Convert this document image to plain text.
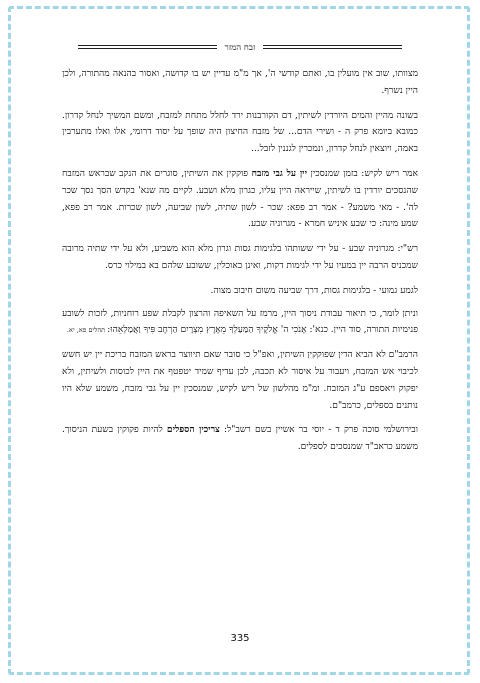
זבח המזר

מצוותו, שוב אין מועלין בו, ואתם קודשי ה', אך מ"מ עדיין יש בו קדושה, ואסור בהנאה מהתורה, ולכן היין נשרף.

בשונה מהיין והמים היורדין לשיתין, דם הקורבנות ירד לחלל מתחת למזבח, ומשם המשיך לנחל קדרון. כמובא ביומא פרק ה - ושירי הדם... של מזבח החיצון היה שופך על יסוד דרומי, אלו ואלו מתערבין באמה, ויוצאין לנחל קדרון, ונמכרין לגננין לזבל...

אמר ריש לקיש: בזמן שמנסכין יין על גבי מזבח פוקקין את השיתין, סוגרים את הנקב שבראש המזבח שהנסכים יורדין בו לשיתין, שייראה היין עליו, כגרון מלא ושבע. לקיים מה שנא' בקדש הסך נסך שכר לה'. - מאי משמע? - אמר רב פפא: שכר - לשון שתיה, לשון שביעה, לשון שכרות. אמר רב פפא, שמע מינה: כי שבע איניש חמרא - מגרוניה שבע.

רש"י: מגרוניה שבע - על ידי ששותהו בלגימות גסות וגרון מלא הוא משביע, ולא על ידי שתיה מרובה שמכניס הרבה יין במעיו על ידי לגימות דקות, ואינן כאוכלין, ששובע שלהם בא במילוי כרס.

לגמע גמועי - בלגימות גסות, דרך שביעה משום חיבוב מצוה.

וניתן לומר, כי תיאור עבודת ניסוך היין, מרמז על השאיפה והרצון לקבלת שפע רוחניות, לזכות לשובע פנימיות התורה, סוד היין. כנא': אָנֹכִי ה' אֱלֹקֶיךָ הַמַּעַלְךָ מֵאֶרֶץ מִצְרָיִם הַרְחֶב פִּיךָ וַאֲמַלְאֵהוּ: תהלים פא, יא.

הרמב"ם לא הביא הדין שפוקקין השיתין, ואפ"ל כי סובר שאם תיווצר בראש המזבח בריכת יין יש חשש לכיבוי אש המזבח, ויעבור על איסור לא תכבה, לכן עדיף שמיד יטפטף את היין לכוסות ולשיתין, ולא יפקוק ויאספם ע"ג המזבח. ומ"מ מהלשון של ריש לקיש, שמנסכין יין על גבי מזבח, משמע שלא היו נותנים בספלים, כרמב"ם.

ובירושלמי סוכה פרק ד - יוסי בר אשיין בשם רשב"ל: צריכין הספלים להיות פקוקין בשעת הניסוך. משמע כראב"ד שמנסכים לספלים.

335
